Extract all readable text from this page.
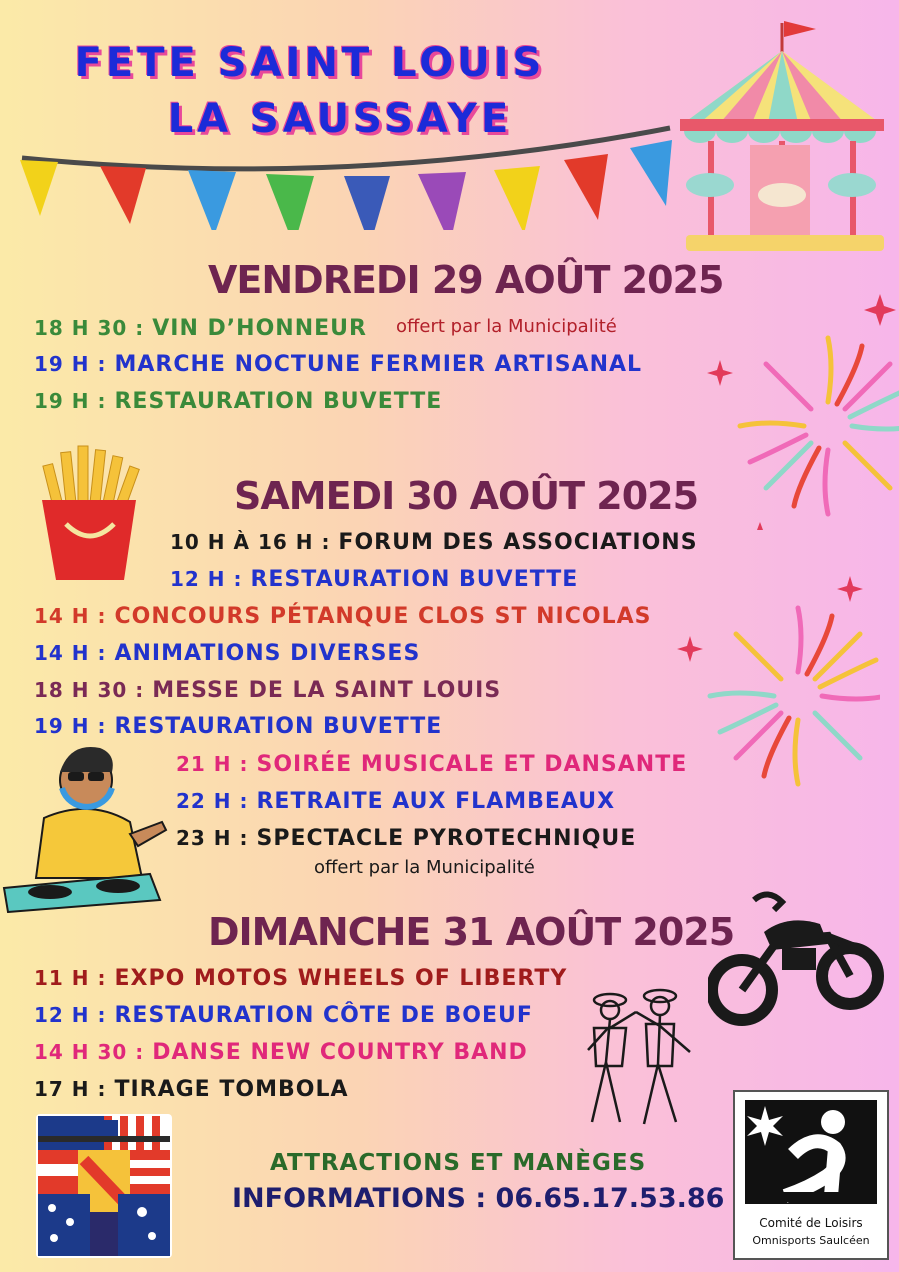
FETE SAINT LOUIS
LA SAUSSAYE
VENDREDI 29 AOÛT 2025
18 H 30 : VIN D’HONNEUR offert par la Municipalité
19 H : MARCHE NOCTUNE FERMIER ARTISANAL
19 H : RESTAURATION BUVETTE
SAMEDI 30 AOÛT 2025
10 H À 16 H : FORUM DES ASSOCIATIONS
12 H : RESTAURATION BUVETTE
14 H : CONCOURS PÉTANQUE CLOS ST NICOLAS
14 H : ANIMATIONS DIVERSES
18 H 30 : MESSE DE LA SAINT LOUIS
19 H : RESTAURATION BUVETTE
21 H : SOIRÉE MUSICALE ET DANSANTE
22 H : RETRAITE AUX FLAMBEAUX
23 H : SPECTACLE PYROTECHNIQUE
offert par la Municipalité
DIMANCHE 31 AOÛT 2025
11 H : EXPO MOTOS WHEELS OF LIBERTY
12 H : RESTAURATION CÔTE DE BOEUF
14 H 30 : DANSE NEW COUNTRY BAND
17 H : TIRAGE TOMBOLA
ATTRACTIONS ET MANÈGES
INFORMATIONS : 06.65.17.53.86
Comité de Loisirs
Omnisports Saulcéen
